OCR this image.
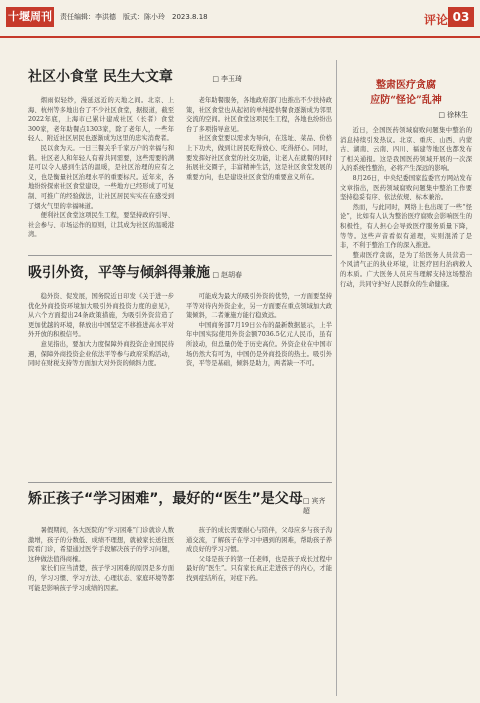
十堰周刊 责任编辑：李洪德　版式：陈小玲　2023.8.18	评论 03
社区小食堂 民生大文章	□ 李玉琦

烟雨似轻纱，漫延远近的天地之间。北京、上海、杭州等多地出台了不少社区食堂，据报道，截至2022年底，上海市已累计建成社区（长者）食堂300家，老年助餐点1303家，除了老年人，一些年轻人、附近社区居民也逐渐成为这里的忠实消费者。

民以食为天。一日三餐关乎千家万户的幸福与和谐。社区老人和年轻人有着共同需要，这些需要的满足可以令人感到生活的温暖，是社区治理的应有之义，也是衡量社区治理水平的重要标尺。近年来，各地纷纷探索社区食堂建设，一些地方已经形成了可复制、可推广的经验做法，让社区居民实实在在感受到了烟火气里的幸福味道。

便利社区食堂这项民生工程，要坚持政府引导、社会参与、市场运作的原则，让其成为社区的温暖港湾。

老年助餐服务，各地政府部门也推出不少扶持政策，社区食堂也从起初的单纯提供餐食逐渐成为邻里交流的空间。社区食堂这项民生工程，各地也纷纷出台了多项指导意见。

社区食堂要以需求为导向，在选址、菜品、价格上下功夫，做到让居民吃得放心、吃得舒心。同时，要发挥好社区食堂的社交功能，让老人在就餐的同时拓展社交圈子，丰富精神生活，这是社区食堂发展的重要方向，也是建设社区食堂的重要意义所在。

吸引外资，平等与倾斜得兼施	□ 赵胡春

稳外资、促发展，国务院近日印发《关于进一步优化外商投资环境加大吸引外商投资力度的意见》，从六个方面提出24条政策措施，为吸引外资营造了更加优越的环境，释放出中国坚定不移推进高水平对外开放的积极信号。

意见指出，要加大力度保障外商投资企业国民待遇，保障外商投资企业依法平等参与政府采购活动，同时在财税支持等方面加大对外资的倾斜力度。

可能成为最大的吸引外资的优势，一方面要坚持平等对待内外资企业，另一方面要在重点领域加大政策倾斜，二者兼施方能行稳致远。

中国商务部7月19日公布的最新数据显示，上半年中国实际使用外资金额7036.5亿元人民币，虽有所波动，但总量仍处于历史高位。外资企业在中国市场仍然大有可为，中国仍是外商投资的热土。吸引外资，平等是基础，倾斜是助力，两者缺一不可。

矫正孩子“学习困难”，最好的“医生”是父母	□ 宾齐超

暑假期间，各大医院的“学习困难”门诊就诊人数激增，孩子的分数低、成绩不理想，就被家长送往医院看门诊，希望通过医学手段解决孩子的学习问题，这种做法值得商榷。

家长们应当清楚，孩子学习困难的原因是多方面的，学习习惯、学习方法、心理状态、家庭环境等都可能是影响孩子学习成绩的因素。

孩子的成长需要耐心与陪伴，父母应多与孩子沟通交流，了解孩子在学习中遇到的困难，帮助孩子养成良好的学习习惯。

父母是孩子的第一任老师，也是孩子成长过程中最好的“医生”。只有家长真正走进孩子的内心，才能找到症结所在，对症下药。

整肃医疗贪腐
应防“怪论”乱神
□ 徐林生

近日，全国医药领域腐败问题集中整治的消息持续引发热议。北京、重庆、山西、内蒙古、湖南、云南、四川、福建等地区也都发布了相关通报。这是我国医药领域开展的一次深入的系统性整治，必将产生深远的影响。

8月26日，中央纪委国家监委官方网站发布文章指出，医药领域腐败问题集中整治工作要坚持稳妥有序、依法依规、标本兼治。

然而，与此同时，网络上也出现了一些“怪论”，比如有人认为整治医疗腐败会影响医生的积极性，有人担心会导致医疗服务质量下降，等等。这些声音看似有道理，实则混淆了是非，不利于整治工作的深入推进。

整肃医疗贪腐，是为了给医务人员营造一个风清气正的执业环境，让医疗回归治病救人的本质。广大医务人员应当理解支持这场整治行动，共同守护好人民群众的生命健康。
